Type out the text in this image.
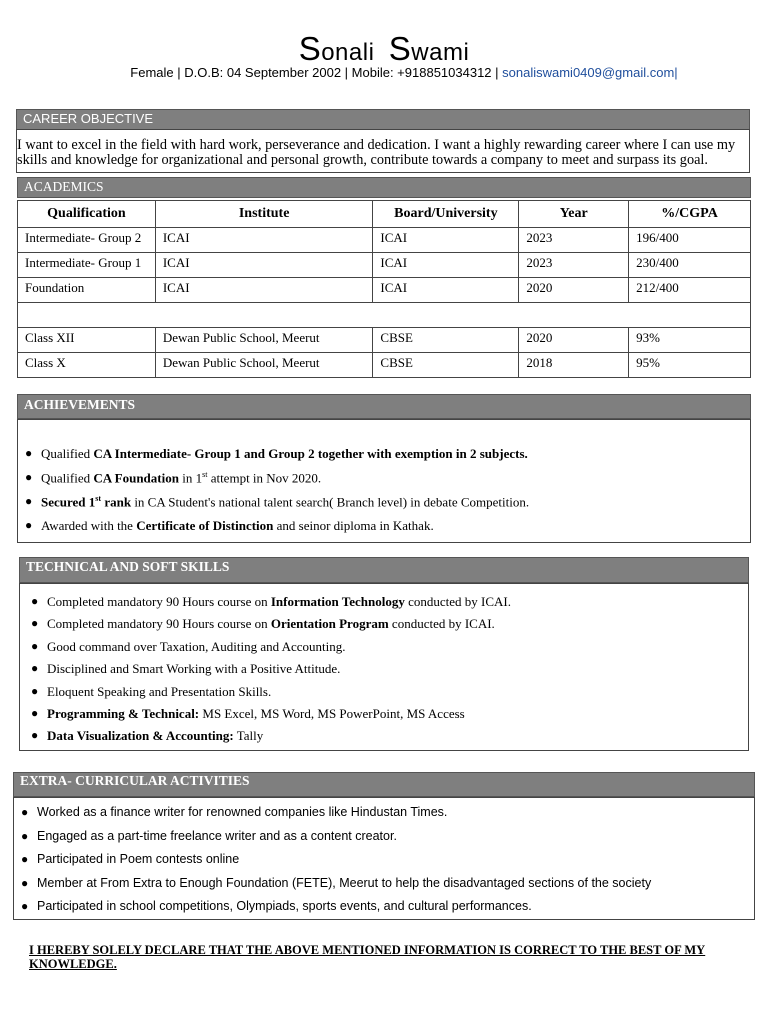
Sonali Swami
Female | D.O.B: 04 September 2002 | Mobile: +918851034312 | sonaliswami0409@gmail.com|
CAREER OBJECTIVE
I want to excel in the field with hard work, perseverance and dedication. I want a highly rewarding career where I can use my skills and knowledge for organizational and personal growth, contribute towards a company to meet and surpass its goal.
ACADEMICS
Qualification	Institute	Board/University	Year	%/CGPA
Intermediate- Group 2	ICAI	ICAI	2023	196/400
Intermediate- Group 1	ICAI	ICAI	2023	230/400
Foundation	ICAI	ICAI	2020	212/400

Class XII	Dewan Public School, Meerut	CBSE	2020	93%
Class X	Dewan Public School, Meerut	CBSE	2018	95%
ACHIEVEMENTS
● Qualified CA Intermediate- Group 1 and Group 2 together with exemption in 2 subjects.
● Qualified CA Foundation in 1st attempt in Nov 2020.
● Secured 1st rank in CA Student's national talent search( Branch level) in debate Competition.
● Awarded with the Certificate of Distinction and seinor diploma in Kathak.
TECHNICAL AND SOFT SKILLS
● Completed mandatory 90 Hours course on Information Technology conducted by ICAI.
● Completed mandatory 90 Hours course on Orientation Program conducted by ICAI.
● Good command over Taxation, Auditing and Accounting.
● Disciplined and Smart Working with a Positive Attitude.
● Eloquent Speaking and Presentation Skills.
● Programming & Technical: MS Excel, MS Word, MS PowerPoint, MS Access
● Data Visualization & Accounting: Tally
EXTRA- CURRICULAR ACTIVITIES
● Worked as a finance writer for renowned companies like Hindustan Times.
● Engaged as a part-time freelance writer and as a content creator.
● Participated in Poem contests online
● Member at From Extra to Enough Foundation (FETE), Meerut to help the disadvantaged sections of the society
● Participated in school competitions, Olympiads, sports events, and cultural performances.
I HEREBY SOLELY DECLARE THAT THE ABOVE MENTIONED INFORMATION IS CORRECT TO THE BEST OF MY KNOWLEDGE.
